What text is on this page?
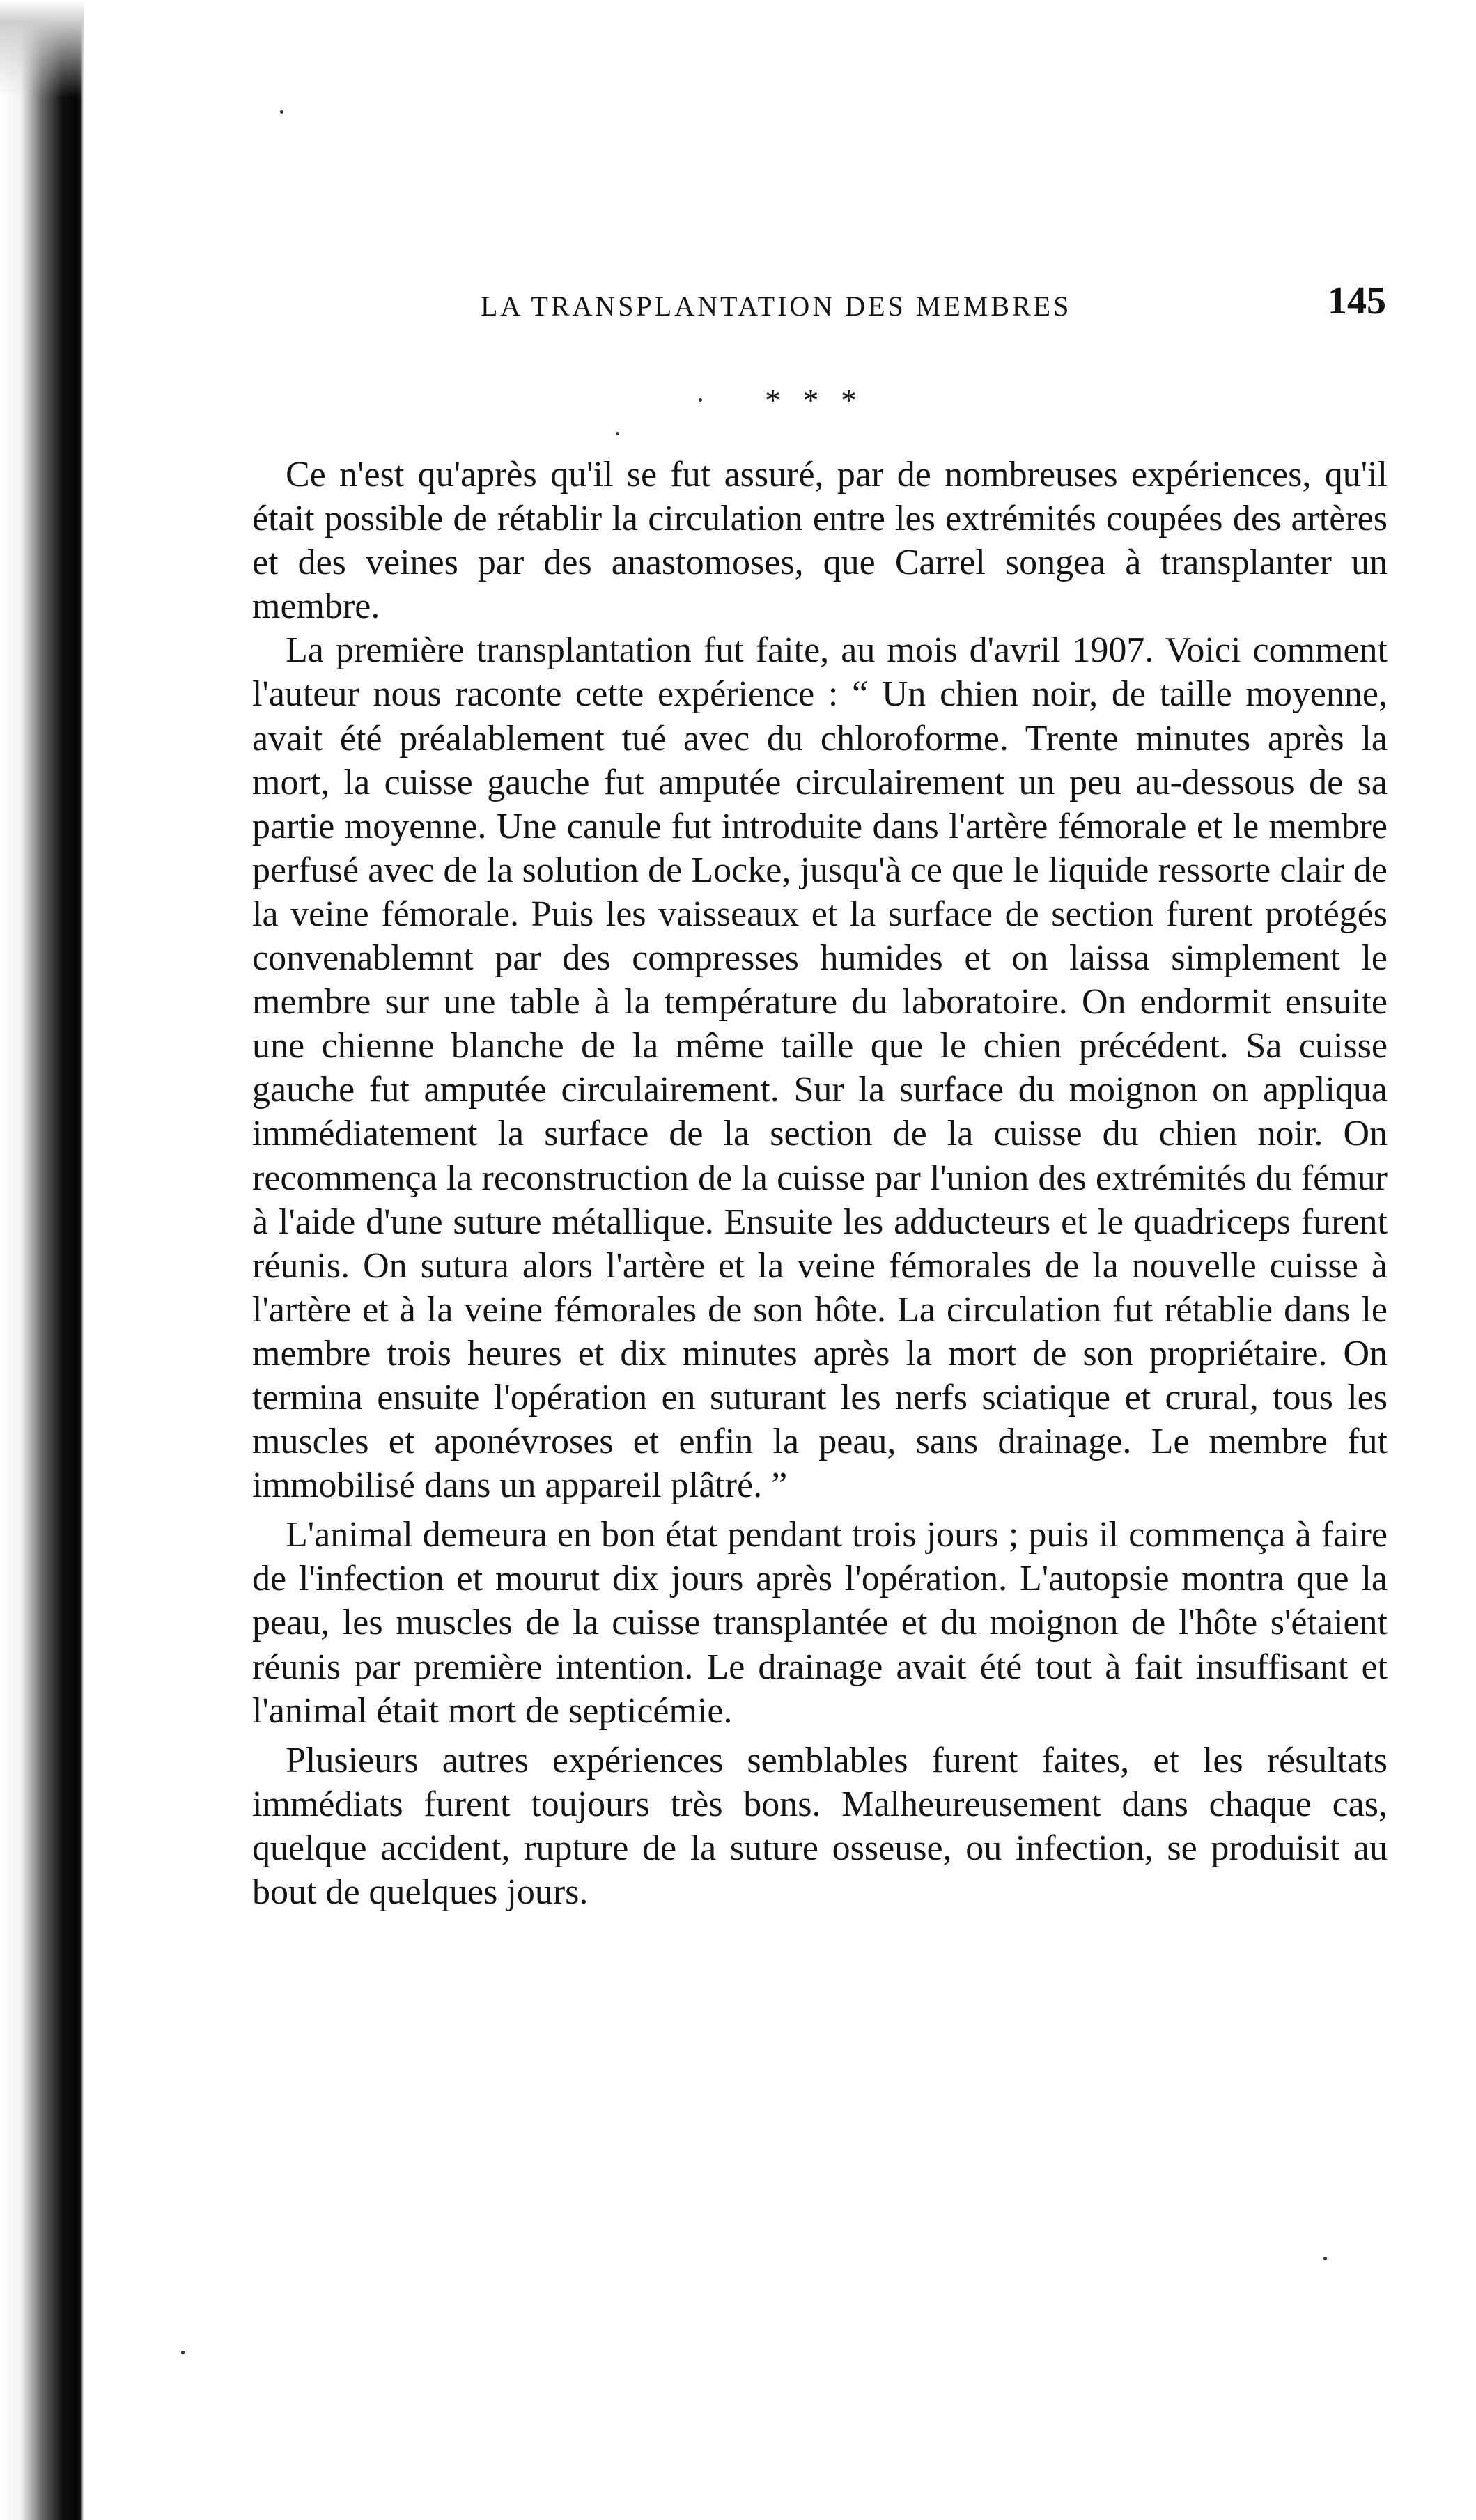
LA TRANSPLANTATION DES MEMBRES	145
* * *

Ce n'est qu'après qu'il se fut assuré, par de nombreuses expériences, qu'il était possible de rétablir la circulation entre les extrémités coupées des artères et des veines par des anastomoses, que Carrel songea à transplanter un membre.

La première transplantation fut faite, au mois d'avril 1907. Voici comment l'auteur nous raconte cette expérience : “ Un chien noir, de taille moyenne, avait été préalablement tué avec du chloroforme. Trente minutes après la mort, la cuisse gauche fut amputée circulairement un peu au-dessous de sa partie moyenne. Une canule fut introduite dans l'artère fémorale et le membre perfusé avec de la solution de Locke, jusqu'à ce que le liquide ressorte clair de la veine fémorale. Puis les vaisseaux et la surface de section furent protégés convenablemnt par des compresses humides et on laissa simplement le membre sur une table à la température du laboratoire. On endormit ensuite une chienne blanche de la même taille que le chien précédent. Sa cuisse gauche fut amputée circulairement. Sur la surface du moignon on appliqua immédiatement la surface de la section de la cuisse du chien noir. On recommença la reconstruction de la cuisse par l'union des extrémités du fémur à l'aide d'une suture métallique. Ensuite les adducteurs et le quadriceps furent réunis. On sutura alors l'artère et la veine fémorales de la nouvelle cuisse à l'artère et à la veine fémorales de son hôte. La circulation fut rétablie dans le membre trois heures et dix minutes après la mort de son propriétaire. On termina ensuite l'opération en suturant les nerfs sciatique et crural, tous les muscles et aponévroses et enfin la peau, sans drainage. Le membre fut immobilisé dans un appareil plâtré. ”

L'animal demeura en bon état pendant trois jours ; puis il commença à faire de l'infection et mourut dix jours après l'opération. L'autopsie montra que la peau, les muscles de la cuisse transplantée et du moignon de l'hôte s'étaient réunis par première intention. Le drainage avait été tout à fait insuffisant et l'animal était mort de septicémie.

Plusieurs autres expériences semblables furent faites, et les résultats immédiats furent toujours très bons. Malheureusement dans chaque cas, quelque accident, rupture de la suture osseuse, ou infection, se produisit au bout de quelques jours.
